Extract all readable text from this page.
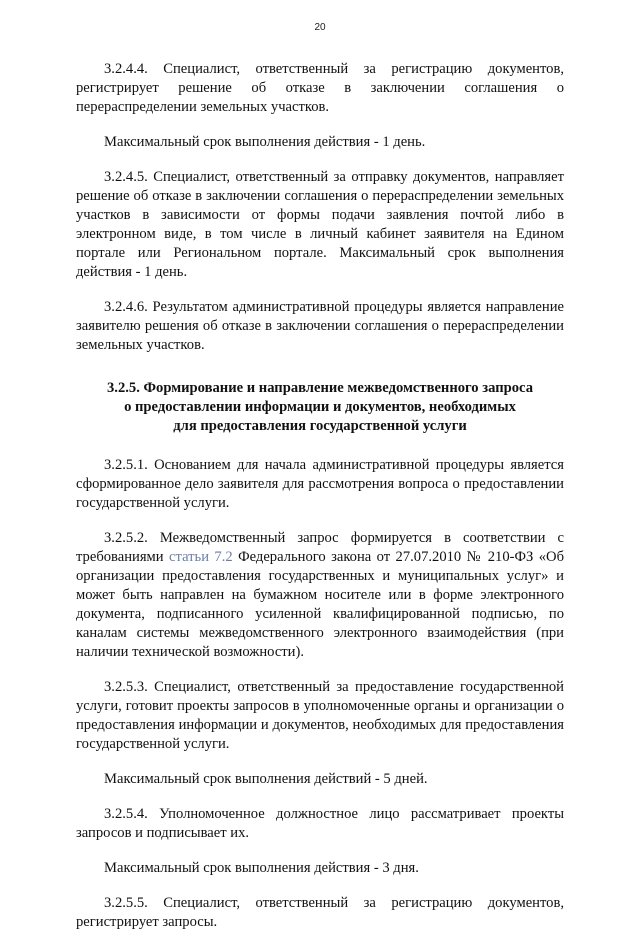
20

3.2.4.4. Специалист, ответственный за регистрацию документов, регистрирует решение об отказе в заключении соглашения о перераспределении земельных участков.

Максимальный срок выполнения действия - 1 день.

3.2.4.5. Специалист, ответственный за отправку документов, направляет решение об отказе в заключении соглашения о перераспределении земельных участков в зависимости от формы подачи заявления почтой либо в электронном виде, в том числе в личный кабинет заявителя на Едином портале или Региональном портале. Максимальный срок выполнения действия - 1 день.

3.2.4.6. Результатом административной процедуры является направление заявителю решения об отказе в заключении соглашения о перераспределении земельных участков.

3.2.5. Формирование и направление межведомственного запроса
о предоставлении информации и документов, необходимых
для предоставления государственной услуги

3.2.5.1. Основанием для начала административной процедуры является сформированное дело заявителя для рассмотрения вопроса о предоставлении государственной услуги.

3.2.5.2. Межведомственный запрос формируется в соответствии с требованиями статьи 7.2 Федерального закона от 27.07.2010 № 210-ФЗ «Об организации предоставления государственных и муниципальных услуг» и может быть направлен на бумажном носителе или в форме электронного документа, подписанного усиленной квалифицированной подписью, по каналам системы межведомственного электронного взаимодействия (при наличии технической возможности).

3.2.5.3. Специалист, ответственный за предоставление государственной услуги, готовит проекты запросов в уполномоченные органы и организации о предоставления информации и документов, необходимых для предоставления государственной услуги.

Максимальный срок выполнения действий - 5 дней.

3.2.5.4. Уполномоченное должностное лицо рассматривает проекты запросов и подписывает их.

Максимальный срок выполнения действия - 3 дня.

3.2.5.5. Специалист, ответственный за регистрацию документов, регистрирует запросы.
